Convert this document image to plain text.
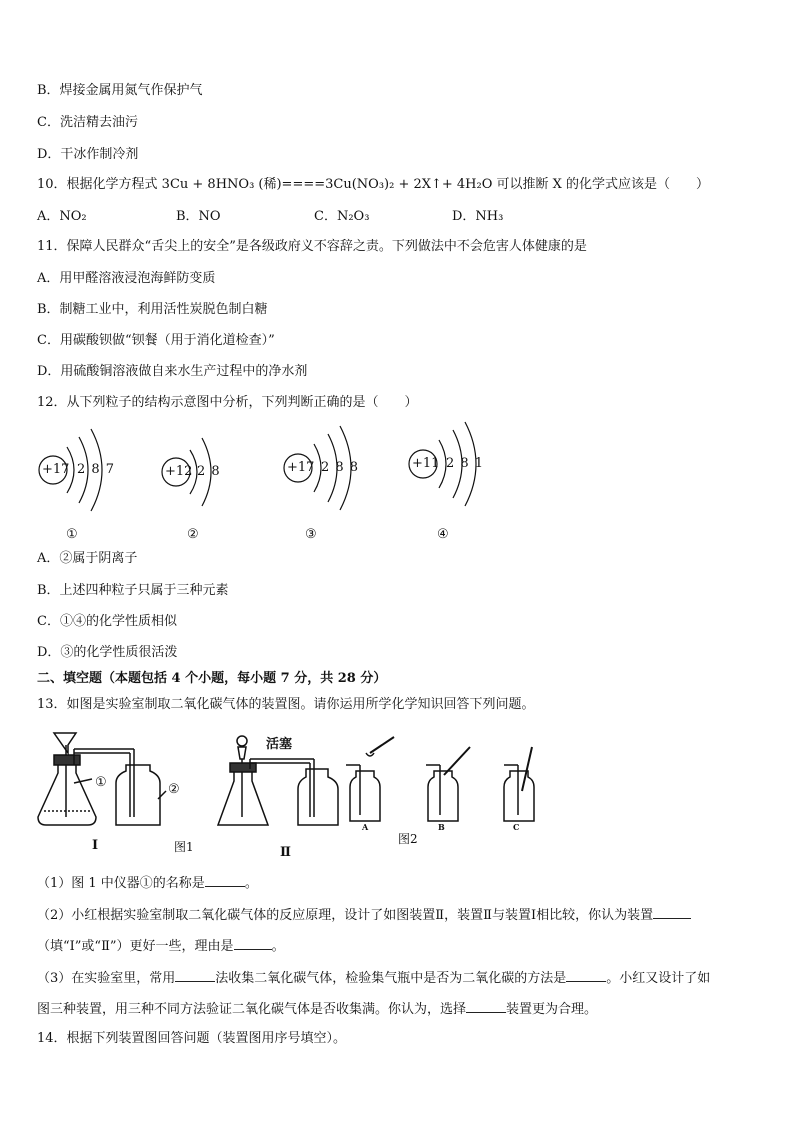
B．焊接金属用氮气作保护气
C．洗洁精去油污
D．干冰作制冷剂
10．根据化学方程式 3Cu + 8HNO₃ (稀)====3Cu(NO₃)₂ + 2X↑+ 4H₂O 可以推断 X 的化学式应该是（　　）
A．NO₂	B．NO	C．N₂O₃	D．NH₃
11．保障人民群众“舌尖上的安全”是各级政府义不容辞之责。下列做法中不会危害人体健康的是
A．用甲醛溶液浸泡海鲜防变质
B．制糖工业中，利用活性炭脱色制白糖
C．用碳酸钡做“钡餐（用于消化道检查）”
D．用硫酸铜溶液做自来水生产过程中的净水剂
12．从下列粒子的结构示意图中分析，下列判断正确的是（　　）
+17 2 8 7
①
+12 2 8
②
+17 2 8 8
③
+11 2 8 1
④
A．②属于阴离子
B．上述四种粒子只属于三种元素
C．①④的化学性质相似
D．③的化学性质很活泼
二、填空题（本题包括 4 个小题，每小题 7 分，共 28 分）
13．如图是实验室制取二氧化碳气体的装置图。请你运用所学化学知识回答下列问题。
①	②
Ⅰ	图1
活塞
Ⅱ
A	B	C
图2
（1）图 1 中仪器①的名称是	。
（2）小红根据实验室制取二氧化碳气体的反应原理，设计了如图装置Ⅱ，装置Ⅱ与装置Ⅰ相比较，你认为装置
（填“Ⅰ”或“Ⅱ”）更好一些，理由是	。
（3）在实验室里，常用	法收集二氧化碳气体，检验集气瓶中是否为二氧化碳的方法是	。小红又设计了如
图三种装置，用三种不同方法验证二氧化碳气体是否收集满。你认为，选择	装置更为合理。
14．根据下列装置图回答问题（装置图用序号填空）。
